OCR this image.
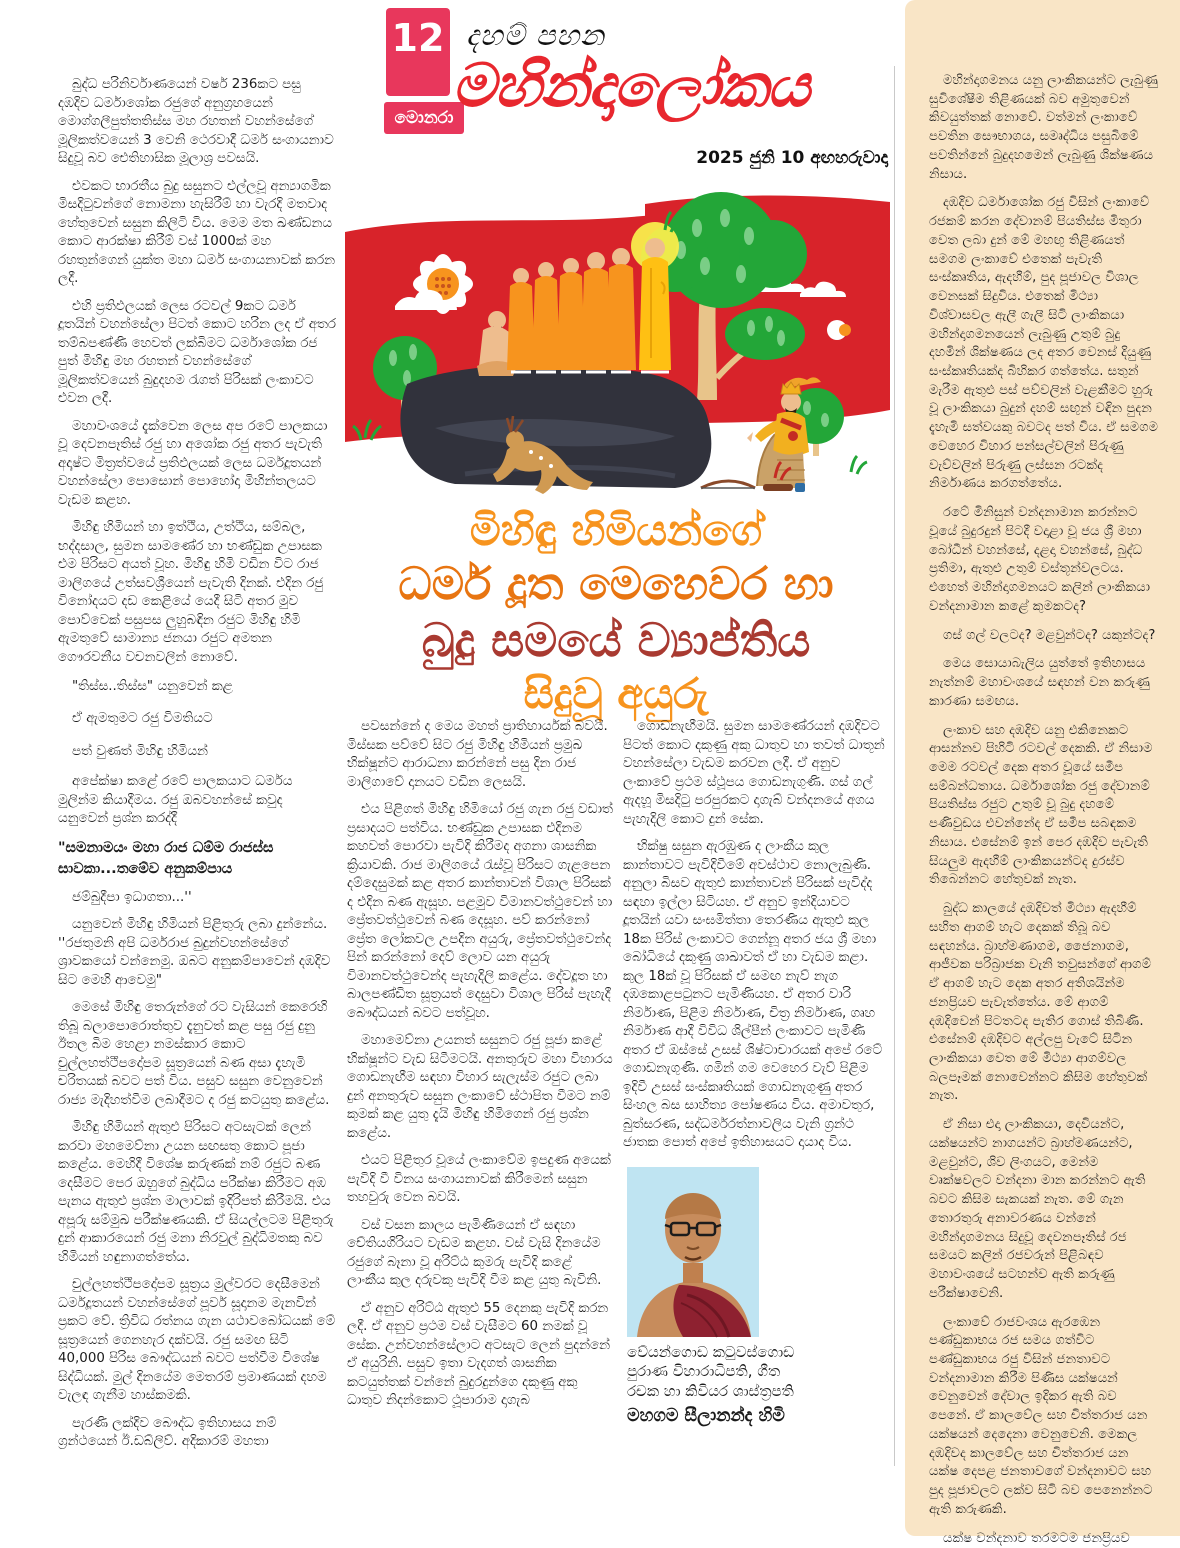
මහින්දාගමනය යනු ලාංකිකයන්ට ලැබුණු සුවිශේෂීම තිළිණයක් බව අමුතුවෙන් කිවයුත්තක් නොවේ. වත්මන් ලංකාවේ පවතින සෞභාගය, සමෘද්ධිය පසුබිමේ පවතින්නේ බුදුදහමෙන් ලැබුණු ශික්ෂණය නිසාය.

දඹදිව ධර්මාශෝක රජු විසින් ලංකාවේ රජකම් කරන දේවානම් පියතිස්ස මිතුරා වෙත ලබා දුන් මේ මහඟු තිළිණයත් සමගම ලංකාවේ එතෙක් පැවැති සංස්කෘතිය, ඇදහීම්, පුද පූජාවල විශාල වෙනසක් සිදුවිය. එතෙක් මිථ්‍යා විශ්වාසවල ඇලී ගැලී සිටි ලාංකිකයා මහින්දාගමනයෙන් ලැබුණු උතුම් බුදු දහමින් ශික්ෂණය ලද අතර වෙනස් දියුණු සංස්කෘතියක්ද බිහිකර ගත්තේය. සතුන් මැරීම ඇතුළු පස් පව්වලින් වැළකීමට හුරු වූ ලාංකිකයා බුදුන් දහම් සඟුන් වඳින පුදන දැහැමි සත්වයකු බවටද පත් විය. ඒ සමගම වෙහෙර විහාර පන්සල්වලින් පිරුණු වැව්වලින් පිරුණු ලස්සන රටක්ද නිර්මාණය කරගත්තේය.

රටේ මිනිසුන් වන්දනාමාන කරන්නට වූයේ බුදුරදුන් පිටදී වදාළා වූ ජය ශ්‍රී මහා බෝධීන් වහන්සේ, දළදා වහන්සේ, බුද්ධ ප්‍රතිමා, ඇතුළු උතුම් වස්තූන්වලටය. එහෙත් මහින්දාගමනයට කලින් ලාංකිකයා වන්දනාමාන කළේ කුමකටද?

ගස් ගල් වලටද? මළවුන්ටද? යකුන්ටද?

මෙය සොයාබැලිය යුත්තේ ඉතිහාසය නැත්නම් මහාවංශයේ සඳහන් වන කරුණු කාරණා සමඟය.

ලංකාව සහ දඹදිව යනු එකිනෙකට ආසන්නව පිහිටි රටවල් දෙකකි. ඒ නිසාම මෙම රටවල් දෙක අතර වූයේ සමීප සම්බන්ධතාය. ධර්මාශෝක රජු දේවානම් පියතිස්ස රජුට උතුම් වූ බුදු දහමේ පණිවුඩය එවන්නේද ඒ සමීප සබඳකම නිසාය. එසේනම් ඉන් පෙර දඹදිව පැවැති සියලුම ඇදහීම් ලාංකිකයන්ටද දුරස්ව තිබෙන්නට හේතුවක් නැත.

බුද්ධ කාලයේ දඹදිවත් මිථ්‍යා ඇදහීම් සහිත ආගම් හැට දෙකක් තිබූ බව සඳහන්ය. බ්‍රාහ්මණාගම, ජෛනාගම, ආජීවක පරිබ්‍රාජක වැනි තවුසන්ගේ ආගම් ඒ ආගම් හැට දෙක අතර අතිශයින්ම ජනප්‍රියව පැවැත්තේය. මේ ආගම් දඹදිවෙන් පිටතටද පැතිර ගොස් තිබිණි. එසේනම් දඹදිවට අල්ලපු වැටේ සිටින ලාංකිකයා වෙත මේ මිථ්‍යා ආගම්වල බලපෑමක් නොවෙන්නට කිසිම හේතුවක් නැත.

ඒ නිසා එදා ලාංකිකයා, දෙවියන්ට, යක්ෂයන්ට නාගයන්ට බ්‍රාහ්මණයන්ට, මළවුන්ට, ශිව ලිංගයට, මෙන්ම වෘක්ෂවලට වන්දනා මාන කරන්නට ඇති බවට කිසිම සැකයක් නැත. මේ ගැන තොරතුරු අනාවරණය වන්නේ මහින්දාගමනය සිදුවූ දෙවනපෑතිස් රජ සමයට කලින් රජවරුන් පිළිබඳව මහාවංශයේ සටහන්ව ඇති කරුණු පරීක්ෂාවෙනි.

ලංකාවේ රාජවංශය ඇරඹෙන පණ්ඩුකාභය රජ සමය ගත්විට පණ්ඩුකාභය රජු විසින් ජනතාවට වන්දනාමාන කිරීම පිණිස යක්ෂයන් වෙනුවෙන් දේවාල ඉදිකර ඇති බව පෙනේ. ඒ කාලවේල සහ චිත්තරාජ යන යක්ෂයන් දෙදෙනා වෙනුවෙනි. මෙකල දඹදිවද කාලවේල සහ චිත්තරාජ යන යක්ෂ දෙපළ ජනතාවගේ වන්දනාවට සහ පුද පූජාවලට ලක්ව සිටි බව පෙනෙන්නට ඇති කරුණකි.

යක්ෂ වන්දනාව තරමටම ජනප්‍රියව

12
මොනරා
දහම් පහන
මහින්දාලෝකය
2025 ජුනි 10 අඟහරුවාදා
මිහිඳු හිමියන්ගේ
ධර්ම දූත මෙහෙවර හා
බුදු සමයේ ව්‍යාප්තිය
සිදුවූ අයුරු

බුද්ධ පරිනිර්වාණයෙන් වර්ෂ 236කට පසු දඹදිව ධර්මාශෝක රජුගේ අනුග්‍රහයෙන් මොග්ගලීපුත්තතිස්ස මහ රහතන් වහන්සේගේ මූලිකත්වයෙන් 3 වෙනි ථෙරවාදී ධර්ම සංගායනාව සිදුවූ බව ඓතිහාසික මූලාශ්‍ර පවසයි.

එවකට භාරතීය බුදු සසුනට එල්ලවූ අන්‍යාගමික මිසදිටුවන්ගේ නොමනා හැසිරීම් හා වැරදි මතවාද හේතුවෙන් සසුන කිලිටි විය. මෙම මත ඛණ්ඩනය කොට ආරක්ෂා කිරීම් වස් 1000ක් මහ රහතුන්ගෙන් යුක්ත මහා ධර්ම සංගායනාවක් කරන ලදී.

එහි ප්‍රතිඵලයක් ලෙස රටවල් 9කට ධර්ම දූතයින් වහන්සේලා පිටත් කොට හරින ලද ඒ අතර තම්බපණ්ණි හෙවත් ලක්බිමට ධර්මාශෝක රජ පුත් මිහිඳු මහ රහතන් වහන්සේගේ මූලිකත්වයෙන් බුදුදහම රැගත් පිරිසක් ලංකාවට එවන ලදී.

මහාවංශයේ දැක්වෙන ලෙස අප රටේ පාලකයා වූ දෙවනපෑතිස් රජු හා අශෝක රජු අතර පැවැති අදෘෂ්ට මිත්‍රත්වයේ ප්‍රතිඵලයක් ලෙස ධර්මදූතයන් වහන්සේලා පොසොන් පොහෝදා මිහින්තලයට වැඩම කළහ.

මිහිඳු හිමියන් හා ඉත්ථිය, උත්ථිය, සම්බල, භද්දසාල, සුමන සාමණේර හා භණ්ඩුක උපාසක එම පිරිසට අයත් වූහ. මිහිඳු හිමි වඩින විට රාජ මාලිගයේ උත්සවශ්‍රීයෙන් පැවැති දිනක්. එදින රජු විනෝදයට දඩ කෙළියේ යෙදී සිටි අතර මුව පොව්වෙක් පසුපස ලුහුබඳින රජුට මිහිඳු හිමි ඇමතුවේ සාමාන්‍ය ජනයා රජුට අමතන ගෞරවනීය වචනවලින් නොවේ.

"තිස්ස..තිස්ස" යනුවෙන් කළ

ඒ ඇමතුමට රජු විමතියට

පත් වුණත් මිහිඳු හිමියන්

අපේක්ෂා කළේ රටේ පාලකයාට ධර්මය මුලින්ම කියාදීමය. රජු ඔබවහන්සේ කවුද යනුවෙන් ප්‍රශ්න කරද්දී

"සමනාමයං මහා රාජ ධම්ම රාජස්ස සාවකා...තමේව අනුකම්පාය

ජම්බුදීපා ඉධාගතා...''

යනුවෙන් මිහිඳු හිමියන් පිළිතුරු ලබා දුන්නේය. ''රජතුමනි අපි ධර්මරාජ බුදුන්වහන්සේගේ ශ්‍රාවකයෝ වන්නෙමු. ඔබට අනුකම්පාවෙන් දඹදිව සිට මෙහි ආවෙමු"

මෙසේ මිහිඳු තෙරුන්ගේ රට වැසියන් කෙරෙහි තිබූ බලාපොරොත්තුව දැනුවත් කළ පසු රජු දුනු ඊතල බිම හෙළා නමස්කාර කොට චුල්ලහත්ථිපදෝපම සූත්‍රයෙන් බණ අසා දැහැමි චරිතයක් බවට පත් විය. පසුව සසුන වෙනුවෙන් රාජ්‍ය මැදිහත්වීම ලබාදීමට ද රජු කටයුතු කළේය.

මිහිඳු හිමියන් ඇතුළු පිරිසට අටසැටක් ලෙන් කරවා මහමෙව්නා උයන සඟසතු කොට පූජා කළේය. මෙහිදී විශේෂ කරුණක් නම් රජුට බණ දෙසීමට පෙර ඔහුගේ බුද්ධිය පරීක්ෂා කිරීමට අඹ පැනය ඇතුළු ප්‍රශ්න මාලාවක් ඉදිරිපත් කිරීමයි. එය අපූරු සම්මුඛ පරීක්ෂණයකි. ඒ සියල්ලටම පිළිතුරු දුන් ආකාරයෙන් රජු මනා නිරවුල් බුද්ධිමතකු බව හිමියන් හඳුනාගත්තේය.

චුල්ලහත්ථිපදෝපම සූත්‍රය මුල්වරට දෙසීමෙන් ධර්මදූතයන් වහන්සේගේ පූර්ව සූදානම මැනවින් ප්‍රකට වේ. ත්‍රිවිධ රත්නය ගැන යථාවබෝධයක් මේ සූත්‍රයෙන් ගෙනහැර දක්වයි. රජු සමඟ සිටි 40,000 පිරිස බෞද්ධයන් බවට පත්වීම විශේෂ සිද්ධියක්. මුල් දිනයේම මෙතරම් ප්‍රමාණයක් දහම වැලඳ ගැනීම හාස්කමකි.

පැරණි ලක්දිව බෞද්ධ ඉතිහාසය නම් ග්‍රන්ථයෙන් ඊ.ඩබ්ලිව්. අදිකාරම් මහතා

පවසන්නේ ද මෙය මහත් ප්‍රාතිහාර්යක් බවයි. මිස්සක පව්වේ සිට රජු මිහිඳු හිමියන් ප්‍රමුඛ භික්ෂූන්ට ආරාධනා කරන්නේ පසු දින රාජ මාලිගාවේ දානයට වඩින ලෙසයි.

එය පිළිගත් මිහිඳු හිමියෝ රජු ගැන රජු වඩාත් ප්‍රසාදයට පත්විය. භණ්ඩුක උපාසක එදිනම කහවත් පොරවා පැවිදි කිරීමද අගනා ශාසනික ක්‍රියාවකි. රාජ මාලිගයේ රැස්වූ පිරිසට ගැළපෙන දම්දෙසුමක් කළ අතර කාන්තාවන් විශාල පිරිසක් ද එදින බණ ඇසූහ. පළමුව විමානවත්ථුවෙන් හා ප්‍රේතවත්ථුවෙන් බණ දෙසූහ. පව් කරන්නෝ ප්‍රේත ලෝකවල උපදින අයුරු, ප්‍රේතවත්ථුවෙන්ද පින් කරන්නෝ දෙව් ලොව යන අයුරු විමානවත්ථුවෙන්ද පැහැදිලි කළේය. දේවදූත හා බාලපණ්ඩිත සූත්‍රයත් දෙසුවා විශාල පිරිස් පැහැදී බෞද්ධයන් බවට පත්වූහ.

මහාමෙව්නා උයනත් සසුනට රජු පූජා කළේ භික්ෂූන්ට වැඩ සිටීමටයි. අනතුරුව මහා විහාරය ගොඩනැඟීම සඳහා විහාර සැලැස්ම රජුට ලබා දුන් අනතුරුව සසුන ලංකාවේ ස්ථාපිත වීමට නම් කුමක් කළ යුතු දැයි මිහිඳු හිමිගෙන් රජු ප්‍රශ්න කළේය.

එයට පිළිතුර වූයේ ලංකාවේම ඉපදුණ අයෙක් පැවිදි වී විනය සංගායනාවක් කිරීමෙන් සසුන තහවුරු වෙන බවයි.

වස් වසන කාලය පැමිණියෙන් ඒ සඳහා චේතියගිරියට වැඩම කළහ. වස් වැසි දිනයේම රජුගේ බෑනා වූ අරිට්ඨ කුමරු පැවිදි කළේ ලාංකීය කුල දරුවකු පැවිදි වීම කළ යුතු බැවිනි.

ඒ අනුව අරිට්ඨ ඇතුළු 55 දෙනකු පැවිදි කරන ලදී. ඒ අනුව ප්‍රථම වස් වැසීමට 60 නමක් වූ සේක. උන්වහන්සේලාට අටසැට ලෙන් පුදන්නේ ඒ අයුරිනි. පසුව ඉතා වැදගත් ශාසනික කටයුත්තක් වන්නේ බුදුරදුන්ගෙ දකුණු අකු ධාතුව නිදන්කොට ථූපාරාම දාගැබ

ගොඩනැඟීමයි. සුමන සාමණේරයන් දඹදිවට පිටත් කොට දකුණු අකු ධාතුව හා තවත් ධාතූන් වහන්සේලා වැඩම කරවන ලදී. ඒ අනුව ලංකාවේ ප්‍රථම ස්ථූපය ගොඩනැගුණි. ගස් ගල් ඇදහූ මිසදිටු පරපුරකට දාගැබ් වන්දනයේ අගය පැහැදිලි කොට දුන් සේක.

භික්ෂු සසුන ඇරඹුණ ද ලාංකීය කුල කාන්තාවට පැවිදිවීමේ අවස්ථාව නොලැබුණි. අනුලා බිසව ඇතුළු කාන්තාවන් පිරිසක් පැවිද්ද සඳහා ඉල්ලා සිටියහ. ඒ අනුව ඉන්දියාවට දූතයින් යවා සංඝමිත්තා තෙරණිය ඇතුළු කුල 18ක පිරිස් ලංකාවට ගෙන්නූ අතර ජය ශ්‍රී මහා බෝධියේ දකුණු ශාඛාවත් ඒ හා වැඩම කළා. කුල 18ක් වූ පිරිසක් ඒ සමඟ නැව් නැග දඹකොළපටුනට පැමිණියහ. ඒ අතර වාරි නිර්මාණ, පිළිම නිර්මාණ, චිත්‍ර නිර්මාණ, ගෘහ නිර්මාණ ආදී විවිධ ශිල්පීන් ලංකාවට පැමිණි අතර ඒ ඔස්සේ උසස් ශිෂ්ටාචාරයක් අපේ රටේ ගොඩනැගුණි. ගමින් ගම වෙහෙර වැව් පිළිම ඉදිවී උසස් සංස්කෘතියක් ගොඩනැගුණු අතර සිංහල බස සාහිත්‍ය පෝෂණය විය. අමාවතුර, බුත්සරණ, සද්ධර්මරත්නාවලිය වැනි ග්‍රන්ථ ජාතක පොත් අපේ ඉතිහාසයට දායාද විය.

වේයන්ගොඩ කටුවස්ගොඩ
පුරාණ විහාරාධිපති, ගීත
රචක හා කිවියර ශාස්ත්‍රපති
මහගම සීලානන්ද හිමි
